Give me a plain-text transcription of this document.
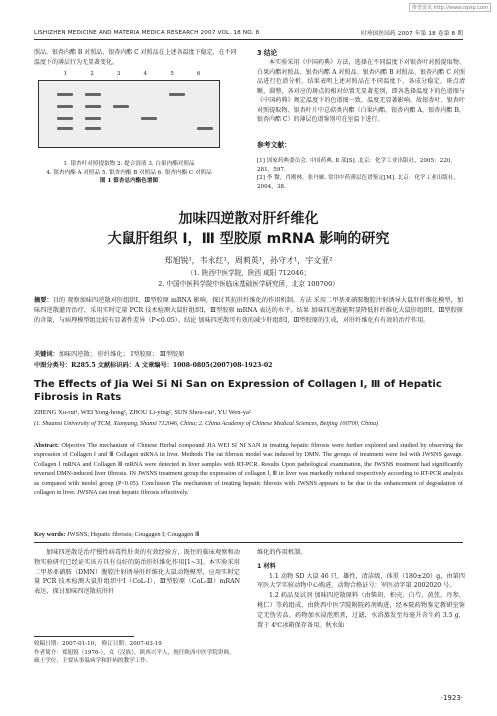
维普资讯 http://www.cqvip.com
LISHIZHEN MEDICINE AND MATERIA MEDICA RESEARCH 2007 VOL. 18 NO. 8	时珍国医国药 2007 年第 18 卷第 8 期
照品，银杏内酯 B 对照品，银杏内酯 C 对照品在上述各温度下稳定，在不同温度下的薄层行为无显著变化。
1	2	3	4	5	6
1. 银杏叶对照提取物 2. 提合溶液 3. 白果内酯对照品
4. 银杏内酯 A 对照品 5. 银杏内酯 B 对照品 6. 银杏内酯 C 对照品
图 1 银杏总内酯色谱图
3 结论
本实验采用《中国药典》方法，选择在不同温度下对银杏叶对照提取物、白果内酯对照品、银杏内酯 A 对照品、银杏内酯 B 对照品、银杏内酯 C 对照品进行色谱分析，结果表明上述对照品在不同温度下，各成分稳定，斑点清晰，圆整，各对应的斑点的相对位置无显著差别，即各选择温度下的色谱图与《中国药典》规定温度下的色谱图一致，温度无显著影响，故银杏叶、银杏叶对照提取物、银杏叶片中总萜类内酯（白果内酯、银杏内酯 A、银杏内酯 B、银杏内酯 C）的薄层色谱鉴别可在室温下进行。
参考文献：
[1] 国家药典委员会. 中国药典. Ⅱ 部[S]. 北京：化学工业出版社，2005：220，281，597.
[2] 李 微，肖刚林，张丹雁. 常用中药薄层色谱鉴定[M]. 北京：化学工业出版社，2004，38.
加味四逆散对肝纤维化
大鼠肝组织 Ⅰ，Ⅲ 型胶原 mRNA 影响的研究
郑旭锐¹，韦永红¹，周莉英¹，孙守才¹，宇文亚²
（1. 陕西中医学院，陕西 咸阳 712046；
2. 中国中医科学院中医临床基础医学研究所，北京 100700）
摘要：目的 观察加味四逆散对肝组织Ⅰ，Ⅲ型胶原 mRNA 影响，探讨其抗肝纤维化的作用机制。方法 采用二甲基亚硝胺腹腔注射诱导大鼠肝纤维化模型，加味四逆散灌胃治疗，采用实时定量 PCR 技术检测大鼠肝组织Ⅰ，Ⅲ型胶原 mRNA 表达的水平。结果 加味四逆散能明显降低肝纤维化大鼠肝组织Ⅰ，Ⅲ型胶原的含量，与病理模型组比较有显著性差异（P<0.05）。结论 加味四逆散可有效的减少肝组织Ⅰ，Ⅲ型胶原的生成，对肝纤维化有有效的治疗作用。
关键词：加味四逆散； 肝纤维化； Ⅰ型胶原； Ⅲ型胶原
中图分类号：R285.5 文献标识码：A 文章编号：1008-0805(2007)08-1923-02
The Effects of Jia Wei Si Ni San on Expression of Collagen Ⅰ, Ⅲ of Hepatic Fibrosis in Rats
ZHENG Xu-rui¹, WEI Yong-hong¹, ZHOU Li-ying¹, SUN Shou-cai¹, YU Wen-ya²
(1. Shaanxi University of TCM, Xianyang, Shanxi 712046, China; 2. China Academy of Chinese Medical Sciences, Beijing 100700, China)
Abstract: Objective The mechanism of Chinese Herbal compound JIA WEI SI NI SAN in treating hepatic fibrosis were further explored and studied by observing the expression of Collagen Ⅰ and Ⅲ Collagen mRNA in liver. Methods The rat fibrosis model was induced by DMN. The groups of treatment were fed with JWSNS gavage. Collagen Ⅰ mRNA and Collagen Ⅲ mRNA were detected in liver samples with RT-PCR. Results Upon pathological examination, the JWSNS treatment had significantly reversed DMN-induced liver fibrosis. IN JWSNS treatment group the expression of collagen Ⅰ, Ⅲ in liver was markedly reduced respectively according to RT-PCR analysis as compared with model group (P<0.05). Conclusion The mechanism of treating hepatic fibrosis with JWSNS appears to be due to the enhancement of degradation of collagen in liver. JWSNA can treat hepatic fibrosis effectively.
Key words: JWSNS; Hepatic fibrosis; Cougagen Ⅰ; Cougagen Ⅲ
加味四逆散是治疗慢性病毒性肝炎的有效经验方，既往的临床观察和动物实验研究已经证实该方具有良好的防治肝纤维化作用[1~3]。本实验采用二甲基亚硝胺（DMN）腹腔注射诱导肝纤维化大鼠动物模型，应用实时定量 PCR 技术检测大鼠肝组织中Ⅰ（CoL-Ⅰ），Ⅲ型胶原（CoL-Ⅲ）mRAN 表达，探讨加味四逆散抗肝纤
收稿日期：2007-01-10； 修订日期：2007-03-19
作者简介：郑旭锐（1976-），女（汉族），陕西兴平人，现任陕西中医学院讲师，硕士学位，主要从事温病学和肝病的教学工作。
维化的作用机制。
1 材料
1.1 动物 SD 大鼠 46 只，雄性，清洁级，体重（180±20）g，由第四军医大学实验动物中心购进。动物合格证号：军医动字第 2002020 号。
1.2 药品及试剂 加味四逆散原料（由柴胡、枳壳、白芍、黄芪、丹参、桃仁）等药组成，由陕西中医学院附院药剂购进，经本院药物鉴定教研室鉴定无伪劣品。药物加水浸泡煎煮，过滤，水浴蒸发至每毫升含生药 3.5 g，置于 4℃冰箱保存备用。秋水仙
·1923·
